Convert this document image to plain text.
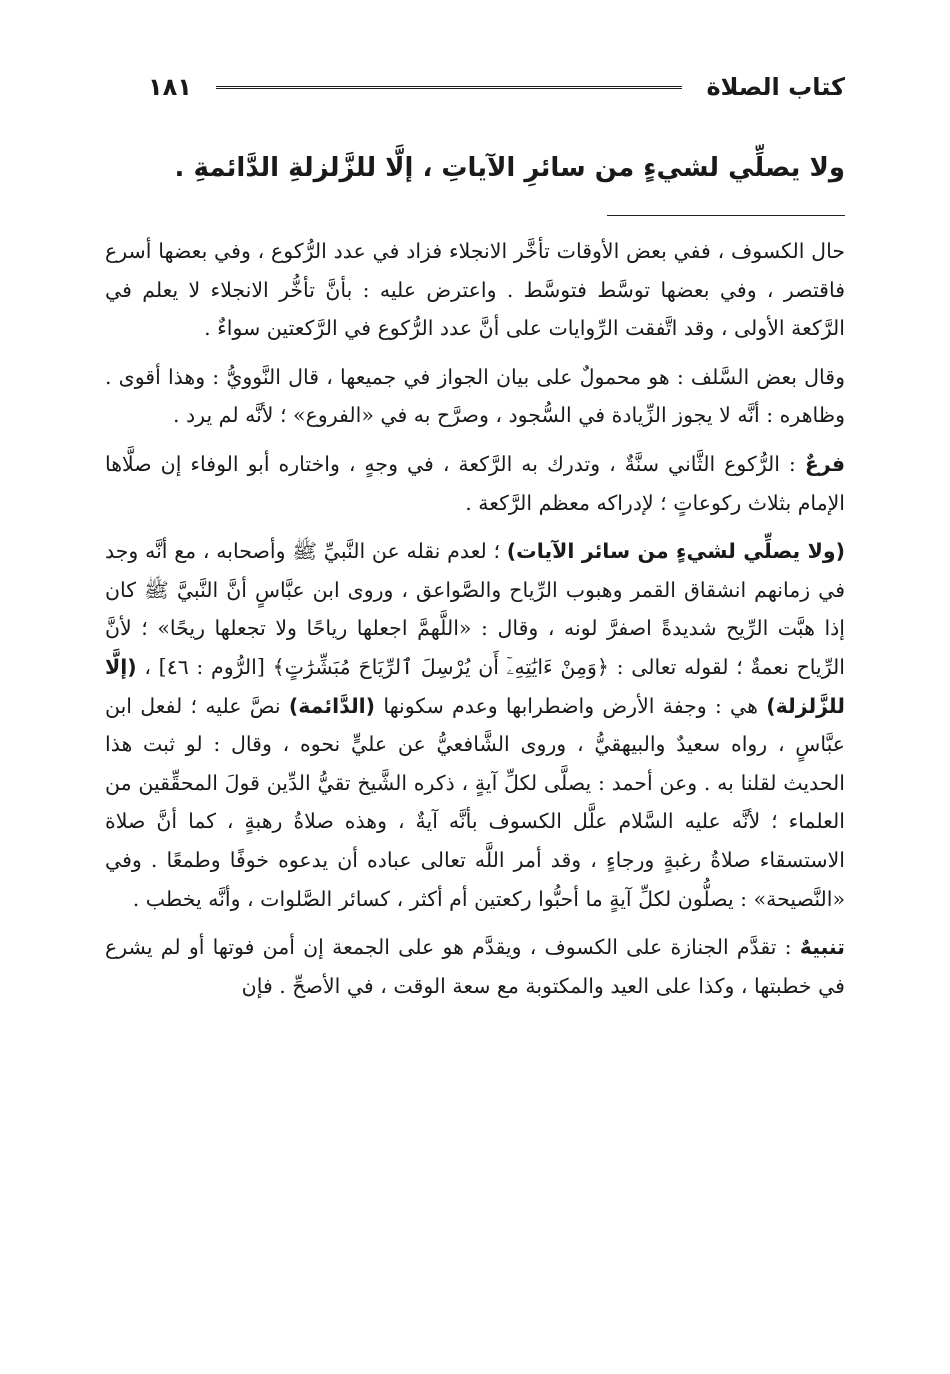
كتاب الصلاة
١٨١

ولا يصلِّي لشيءٍ من سائرِ الآياتِ ، إلَّا للزَّلزلةِ الدَّائمةِ .

حال الكسوف ، ففي بعض الأوقات تأخَّر الانجلاء فزاد في عدد الرُّكوع ، وفي بعضها أسرع فاقتصر ، وفي بعضها توسَّط فتوسَّط . واعترض عليه : بأنَّ تأخُّر الانجلاء لا يعلم في الرَّكعة الأولى ، وقد اتَّفقت الرِّوايات على أنَّ عدد الرُّكوع في الرَّكعتين سواءٌ .

وقال بعض السَّلف : هو محمولٌ على بيان الجواز في جميعها ، قال النَّوويُّ : وهذا أقوى . وظاهره : أنَّه لا يجوز الزِّيادة في السُّجود ، وصرَّح به في «الفروع» ؛ لأنَّه لم يرد .

فرعٌ : الرُّكوع الثَّاني سنَّةٌ ، وتدرك به الرَّكعة ، في وجهٍ ، واختاره أبو الوفاء إن صلَّاها الإمام بثلاث ركوعاتٍ ؛ لإدراكه معظم الرَّكعة .

(ولا يصلِّي لشيءٍ من سائر الآيات) ؛ لعدم نقله عن النَّبيِّ ﷺ وأصحابه ، مع أنَّه وجد في زمانهم انشقاق القمر وهبوب الرِّياح والصَّواعق ، وروى ابن عبَّاسٍ أنَّ النَّبيَّ ﷺ كان إذا هبَّت الرِّيح شديدةً اصفرَّ لونه ، وقال : «اللَّهمَّ اجعلها رياحًا ولا تجعلها ريحًا» ؛ لأنَّ الرِّياح نعمةٌ ؛ لقوله تعالى : ﴿وَمِنْ ءَايَٰتِهِۦٓ أَن يُرْسِلَ ٱلرِّيَاحَ مُبَشِّرَٰتٍ﴾ [الرُّوم : ٤٦] ، (إلَّا للزَّلزلة) هي : وجفة الأرض واضطرابها وعدم سكونها (الدَّائمة) نصَّ عليه ؛ لفعل ابن عبَّاسٍ ، رواه سعيدٌ والبيهقيُّ ، وروى الشَّافعيُّ عن عليٍّ نحوه ، وقال : لو ثبت هذا الحديث لقلنا به . وعن أحمد : يصلَّى لكلِّ آيةٍ ، ذكره الشَّيخ تقيُّ الدِّين قولَ المحقِّقين من العلماء ؛ لأنَّه عليه السَّلام علَّل الكسوف بأنَّه آيةٌ ، وهذه صلاةُ رهبةٍ ، كما أنَّ صلاة الاستسقاء صلاةُ رغبةٍ ورجاءٍ ، وقد أمر اللَّه تعالى عباده أن يدعوه خوفًا وطمعًا . وفي «النَّصيحة» : يصلُّون لكلِّ آيةٍ ما أحبُّوا ركعتين أم أكثر ، كسائر الصَّلوات ، وأنَّه يخطب .

تنبيهٌ : تقدَّم الجنازة على الكسوف ، ويقدَّم هو على الجمعة إن أمن فوتها أو لم يشرع في خطبتها ، وكذا على العيد والمكتوبة مع سعة الوقت ، في الأصحِّ . فإن
